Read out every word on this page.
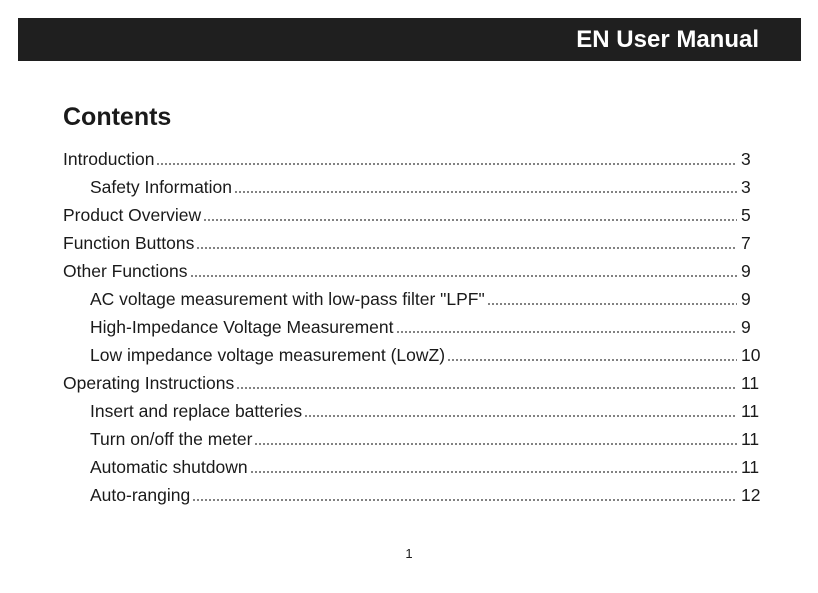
EN User Manual
Contents
Introduction	3
Safety Information	3
Product Overview	5
Function Buttons	7
Other Functions	9
AC voltage measurement with low-pass filter "LPF"	9
High-Impedance Voltage Measurement	9
Low impedance voltage measurement (LowZ)	10
Operating Instructions	11
Insert and replace batteries	11
Turn on/off the meter	11
Automatic shutdown	11
Auto-ranging	12
1
